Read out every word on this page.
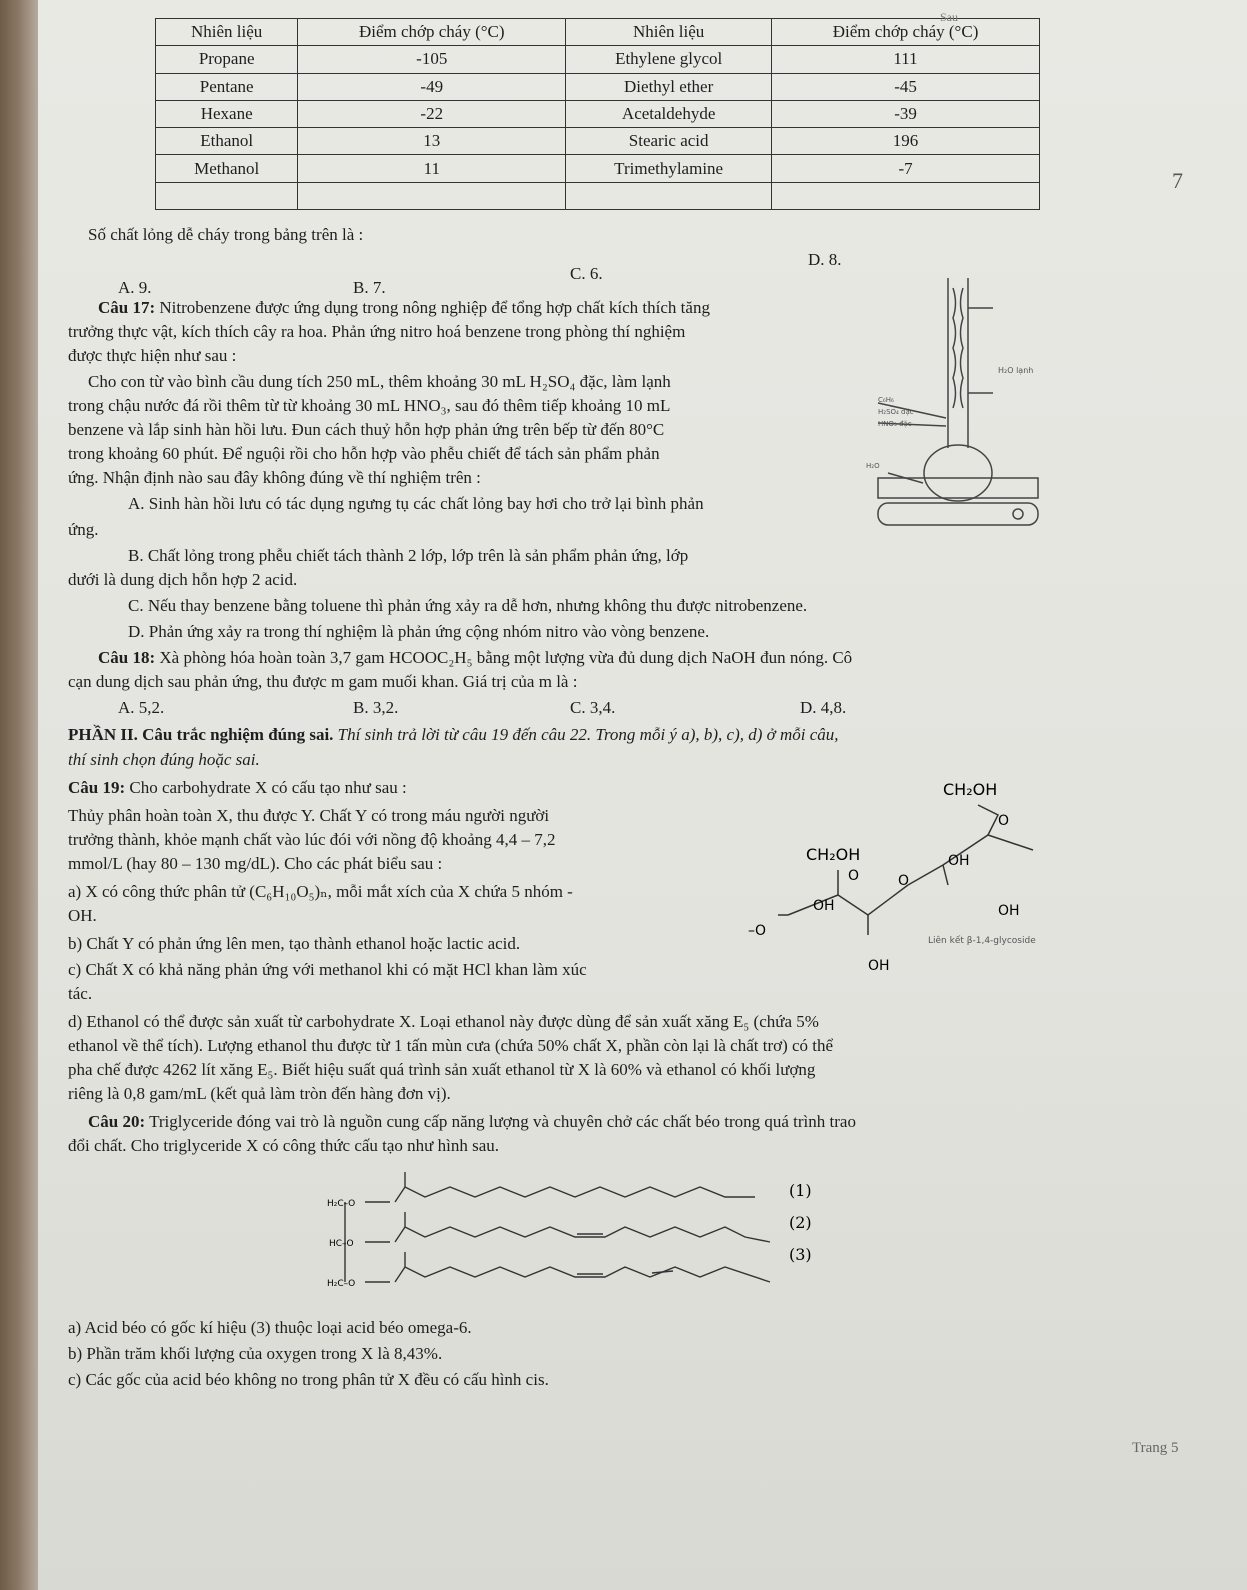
Nhiên liệu	Điểm chớp cháy (°C)	Nhiên liệu	Điểm chớp cháy (°C)
Propane	-105	Ethylene glycol	111
Pentane	-49	Diethyl ether	-45
Hexane	-22	Acetaldehyde	-39
Ethanol	13	Stearic acid	196
Methanol	11	Trimethylamine	-7

Sau
7
Số chất lỏng dễ cháy trong bảng trên là :
A. 9.	B. 7.
C. 6.
D. 8.
Câu 17: Nitrobenzene được ứng dụng trong nông nghiệp để tổng hợp chất kích thích tăng
trưởng thực vật, kích thích cây ra hoa. Phản ứng nitro hoá benzene trong phòng thí nghiệm
được thực hiện như sau :
Cho con từ vào bình cầu dung tích 250 mL, thêm khoảng 30 mL H₂SO₄ đặc, làm lạnh
trong chậu nước đá rồi thêm từ từ khoảng 30 mL HNO₃, sau đó thêm tiếp khoảng 10 mL
benzene và lắp sinh hàn hồi lưu. Đun cách thuỷ hỗn hợp phản ứng trên bếp từ đến 80°C
trong khoảng 60 phút. Để nguội rồi cho hỗn hợp vào phễu chiết để tách sản phẩm phản
ứng. Nhận định nào sau đây không đúng về thí nghiệm trên :
A. Sinh hàn hồi lưu có tác dụng ngưng tụ các chất lỏng bay hơi cho trở lại bình phản
ứng.
B. Chất lỏng trong phễu chiết tách thành 2 lớp, lớp trên là sản phẩm phản ứng, lớp
dưới là dung dịch hỗn hợp 2 acid.
C. Nếu thay benzene bằng toluene thì phản ứng xảy ra dễ hơn, nhưng không thu được nitrobenzene.
D. Phản ứng xảy ra trong thí nghiệm là phản ứng cộng nhóm nitro vào vòng benzene.
H₂O lạnh
C₆H₆
H₂SO₄ đặc
HNO₃ đặc
H₂O
Câu 18: Xà phòng hóa hoàn toàn 3,7 gam HCOOC₂H₅ bằng một lượng vừa đủ dung dịch NaOH đun nóng. Cô
cạn dung dịch sau phản ứng, thu được m gam muối khan. Giá trị của m là :
A. 5,2.	B. 3,2.	C. 3,4.	D. 4,8.
PHẦN II. Câu trắc nghiệm đúng sai. Thí sinh trả lời từ câu 19 đến câu 22. Trong mỗi ý a), b), c), d) ở mỗi câu,
thí sinh chọn đúng hoặc sai.
Câu 19: Cho carbohydrate X có cấu tạo như sau :
Thủy phân hoàn toàn X, thu được Y. Chất Y có trong máu người người
trưởng thành, khỏe mạnh chất vào lúc đói với nồng độ khoảng 4,4 – 7,2
mmol/L (hay 80 – 130 mg/dL). Cho các phát biểu sau :
a) X có công thức phân tử (C₆H₁₀O₅)ₙ, mỗi mắt xích của X chứa 5 nhóm -
OH.
b) Chất Y có phản ứng lên men, tạo thành ethanol hoặc lactic acid.
c) Chất X có khả năng phản ứng với methanol khi có mặt HCl khan làm xúc
tác.
d) Ethanol có thể được sản xuất từ carbohydrate X. Loại ethanol này được dùng để sản xuất xăng E₅ (chứa 5%
ethanol về thể tích). Lượng ethanol thu được từ 1 tấn mùn cưa (chứa 50% chất X, phần còn lại là chất trơ) có thể
pha chế được 4262 lít xăng E₅. Biết hiệu suất quá trình sản xuất ethanol từ X là 60% và ethanol có khối lượng
riêng là 0,8 gam/mL (kết quả làm tròn đến hàng đơn vị).
CH₂OH
CH₂OH
O
OH
O	O
OH	OH
–O
OH
Liên kết β-1,4-glycoside
Câu 20: Triglyceride đóng vai trò là nguồn cung cấp năng lượng và chuyên chở các chất béo trong quá trình trao
đổi chất. Cho triglyceride X có công thức cấu tạo như hình sau.
H₂C–O
HC–O
H₂C–O
(1)
(2)
(3)
a) Acid béo có gốc kí hiệu (3) thuộc loại acid béo omega-6.
b) Phần trăm khối lượng của oxygen trong X là 8,43%.
c) Các gốc của acid béo không no trong phân tử X đều có cấu hình cis.
Trang 5
